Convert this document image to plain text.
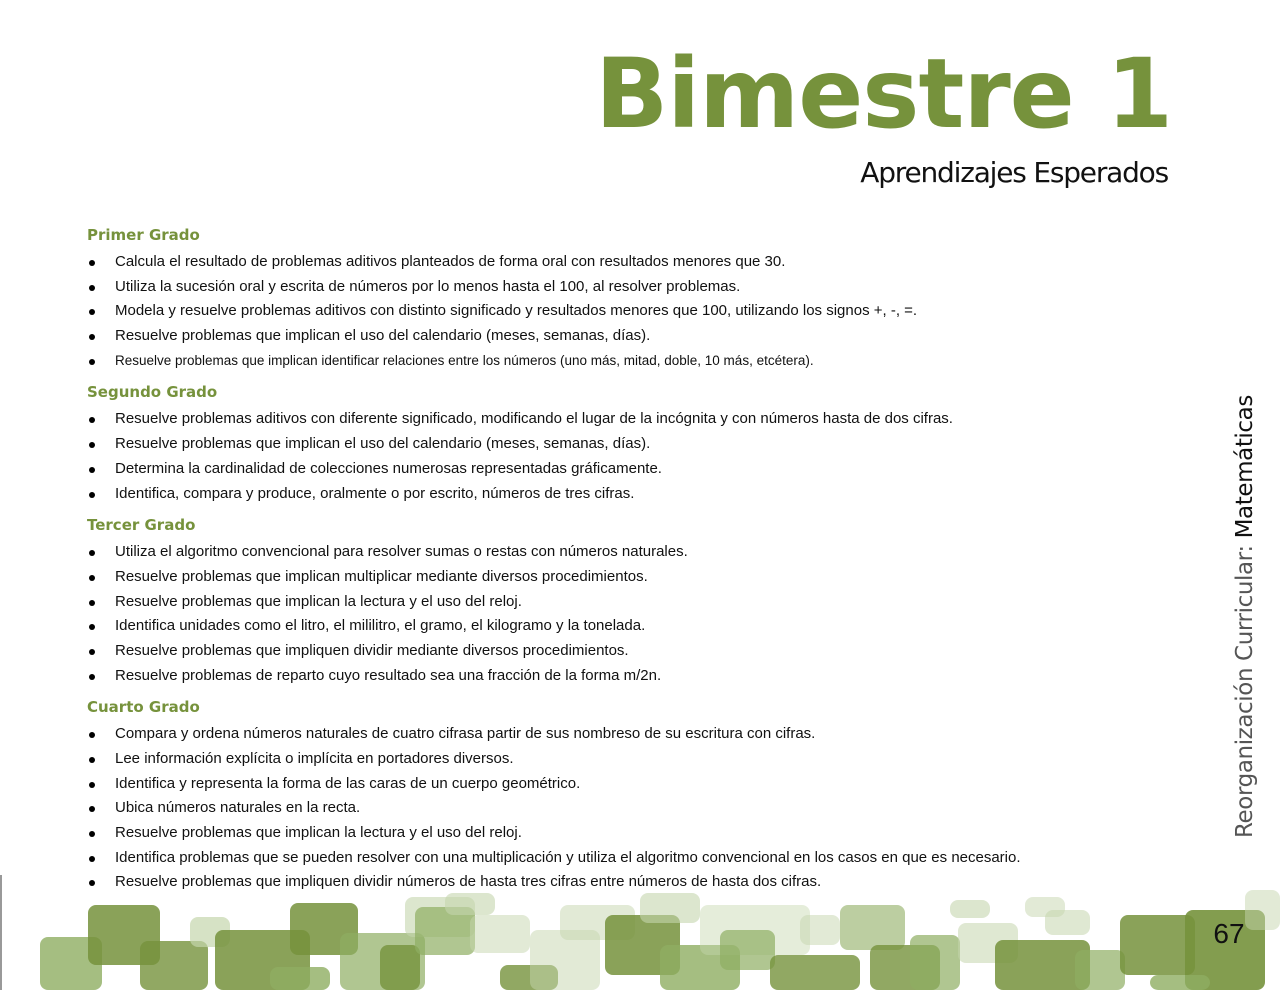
Bimestre 1
Aprendizajes Esperados
Primer Grado
Calcula el resultado de problemas aditivos planteados de forma oral con resultados menores que 30.
Utiliza la sucesión oral y escrita de números por lo menos hasta el 100, al resolver problemas.
Modela y resuelve problemas aditivos con distinto significado y resultados menores que 100, utilizando los signos +, -, =.
Resuelve problemas que implican el uso del calendario (meses, semanas, días).
Resuelve problemas que implican identificar relaciones entre los números (uno más, mitad, doble, 10 más, etcétera).
Segundo Grado
Resuelve problemas aditivos con diferente significado, modificando el lugar de la incógnita y con números hasta de dos cifras.
Resuelve problemas que implican el uso del calendario (meses, semanas, días).
Determina la cardinalidad de colecciones numerosas representadas gráficamente.
Identifica, compara y produce, oralmente o por escrito, números de tres cifras.
Tercer Grado
Utiliza el algoritmo convencional para resolver sumas o restas con números naturales.
Resuelve problemas que implican multiplicar mediante diversos procedimientos.
Resuelve problemas que implican la lectura y el uso del reloj.
Identifica unidades como el litro, el mililitro, el gramo, el kilogramo y la tonelada.
Resuelve problemas que impliquen dividir mediante diversos procedimientos.
Resuelve problemas de reparto cuyo resultado sea una fracción de la forma m/2n.
Cuarto Grado
Compara y ordena números naturales de cuatro cifrasa partir de sus nombreso de su escritura con cifras.
Lee información explícita o implícita en portadores diversos.
Identifica y representa la forma de las caras de un cuerpo geométrico.
Ubica números naturales en la recta.
Resuelve problemas que implican la lectura y el uso del reloj.
Identifica problemas que se pueden resolver con una multiplicación y utiliza el algoritmo convencional en los casos en que es necesario.
Resuelve problemas que impliquen dividir números de hasta tres cifras entre números de hasta dos cifras.
Reorganización Curricular: Matemáticas
67
